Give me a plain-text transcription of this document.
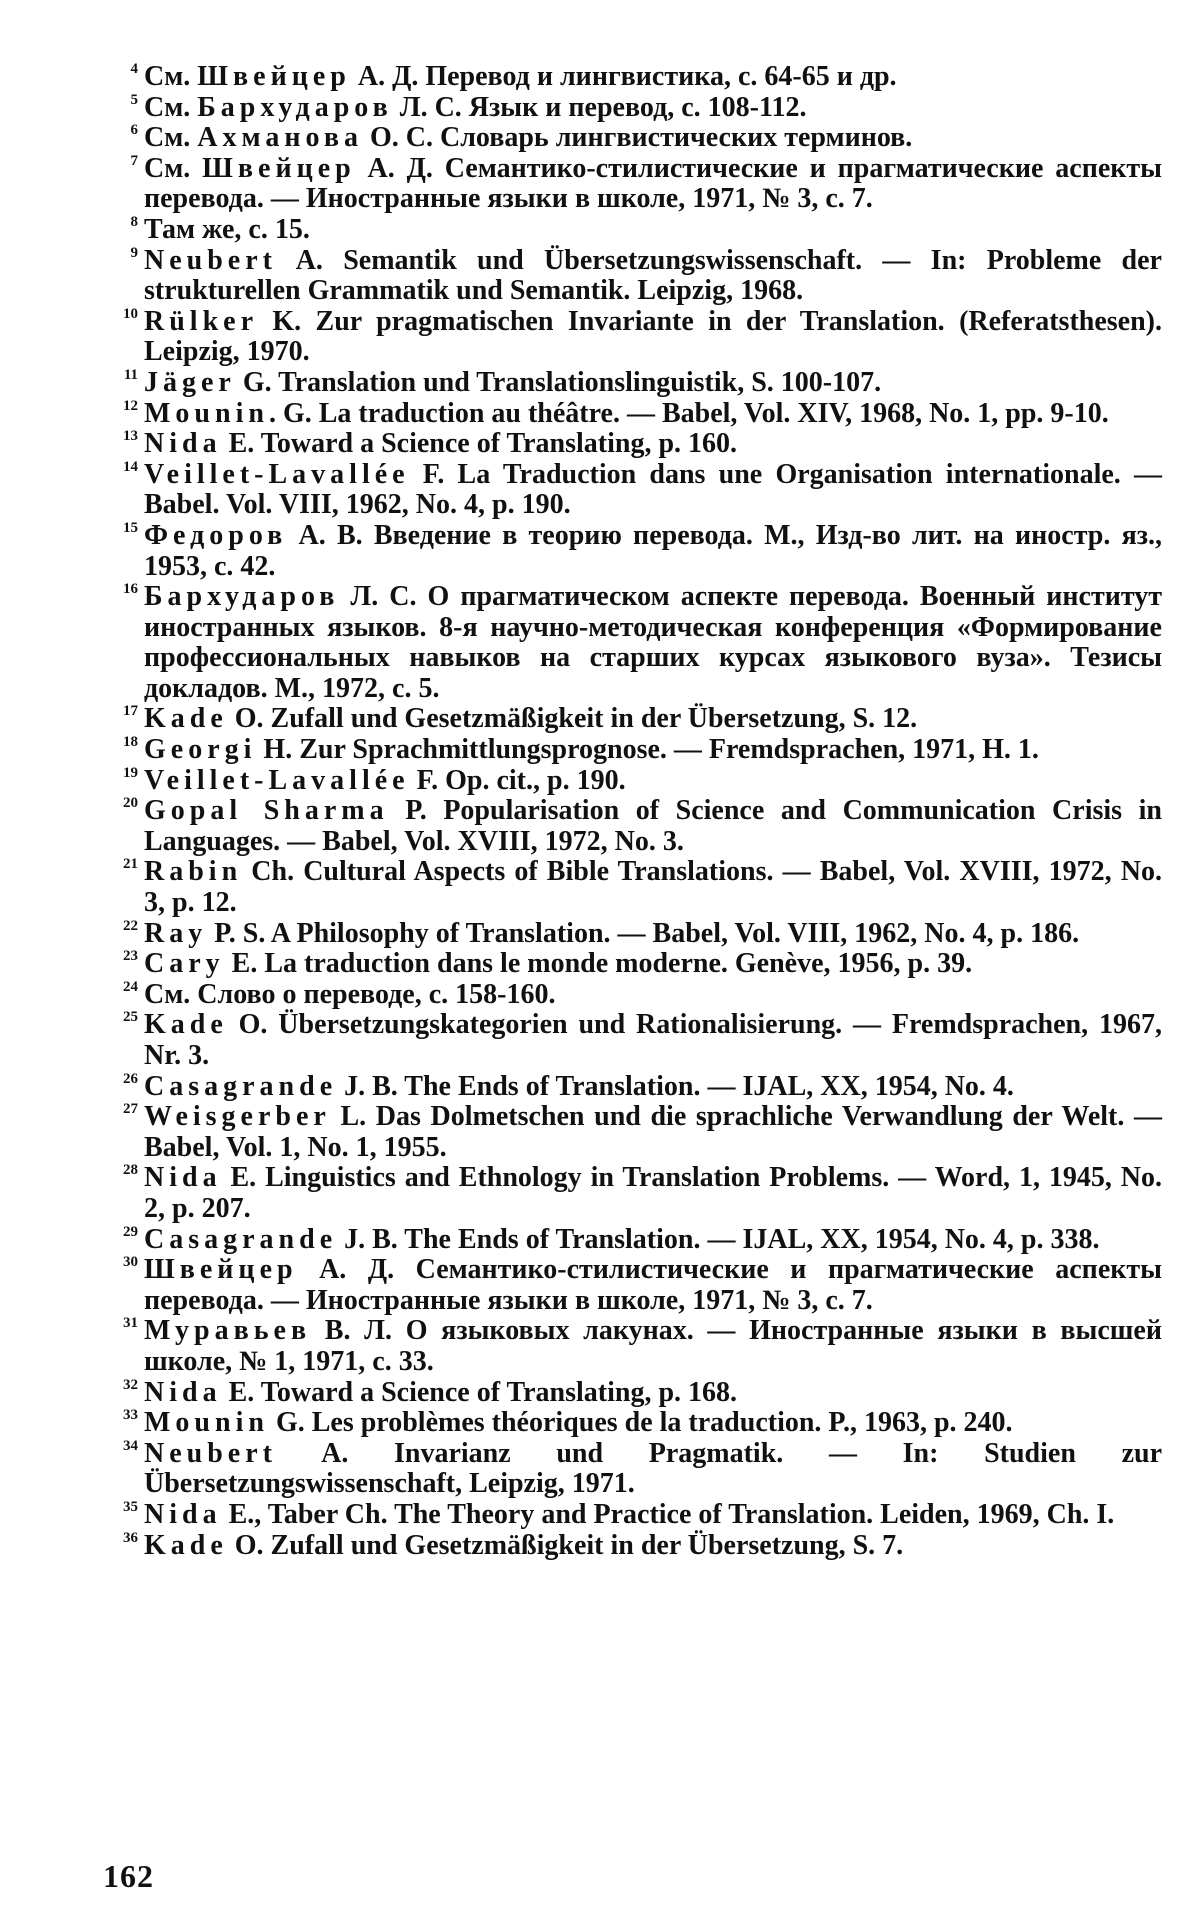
4 См. Швейцер А. Д. Перевод и лингвистика, с. 64-65 и др.
5 См. Бархударов Л. С. Язык и перевод, с. 108-112.
6 См. Ахманова О. С. Словарь лингвистических терминов.
7 См. Швейцер А. Д. Семантико-стилистические и прагматические аспекты перевода. — Иностранные языки в школе, 1971, № 3, с. 7.
8 Там же, с. 15.
9 Neubert A. Semantik und Übersetzungswissenschaft. — In: Probleme der strukturellen Grammatik und Semantik. Leipzig, 1968.
10 Rülker K. Zur pragmatischen Invariante in der Translation. (Referatsthesen). Leipzig, 1970.
11 Jäger G. Translation und Translationslinguistik, S. 100-107.
12 Mounin. G. La traduction au théâtre. — Babel, Vol. XIV, 1968, No. 1, pp. 9-10.
13 Nida E. Toward a Science of Translating, p. 160.
14 Veillet-Lavallée F. La Traduction dans une Organisation internationale. — Babel. Vol. VIII, 1962, No. 4, p. 190.
15 Федоров А. В. Введение в теорию перевода. М., Изд-во лит. на иностр. яз., 1953, с. 42.
16 Бархударов Л. С. О прагматическом аспекте перевода. Военный институт иностранных языков. 8-я научно-методическая конференция «Формирование профессиональных навыков на старших курсах языкового вуза». Тезисы докладов. М., 1972, с. 5.
17 Kade O. Zufall und Gesetzmäßigkeit in der Übersetzung, S. 12.
18 Georgi H. Zur Sprachmittlungsprognose. — Fremdsprachen, 1971, H. 1.
19 Veillet-Lavallée F. Op. cit., p. 190.
20 Gopal Sharma P. Popularisation of Science and Communication Crisis in Languages. — Babel, Vol. XVIII, 1972, No. 3.
21 Rabin Ch. Cultural Aspects of Bible Translations. — Babel, Vol. XVIII, 1972, No. 3, p. 12.
22 Ray P. S. A Philosophy of Translation. — Babel, Vol. VIII, 1962, No. 4, p. 186.
23 Cary E. La traduction dans le monde moderne. Genève, 1956, p. 39.
24 См. Слово о переводе, с. 158-160.
25 Kade O. Übersetzungskategorien und Rationalisierung. — Fremdsprachen, 1967, Nr. 3.
26 Casagrande J. B. The Ends of Translation. — IJAL, XX, 1954, No. 4.
27 Weisgerber L. Das Dolmetschen und die sprachliche Verwandlung der Welt. — Babel, Vol. 1, No. 1, 1955.
28 Nida E. Linguistics and Ethnology in Translation Problems. — Word, 1, 1945, No. 2, p. 207.
29 Casagrande J. B. The Ends of Translation. — IJAL, XX, 1954, No. 4, p. 338.
30 Швейцер А. Д. Семантико-стилистические и прагматические аспекты перевода. — Иностранные языки в школе, 1971, № 3, с. 7.
31 Муравьев В. Л. О языковых лакунах. — Иностранные языки в высшей школе, № 1, 1971, с. 33.
32 Nida E. Toward a Science of Translating, p. 168.
33 Mounin G. Les problèmes théoriques de la traduction. P., 1963, p. 240.
34 Neubert A. Invarianz und Pragmatik. — In: Studien zur Übersetzungswissenschaft, Leipzig, 1971.
35 Nida E., Taber Ch. The Theory and Practice of Translation. Leiden, 1969, Ch. I.
36 Kade O. Zufall und Gesetzmäßigkeit in der Übersetzung, S. 7.
162
